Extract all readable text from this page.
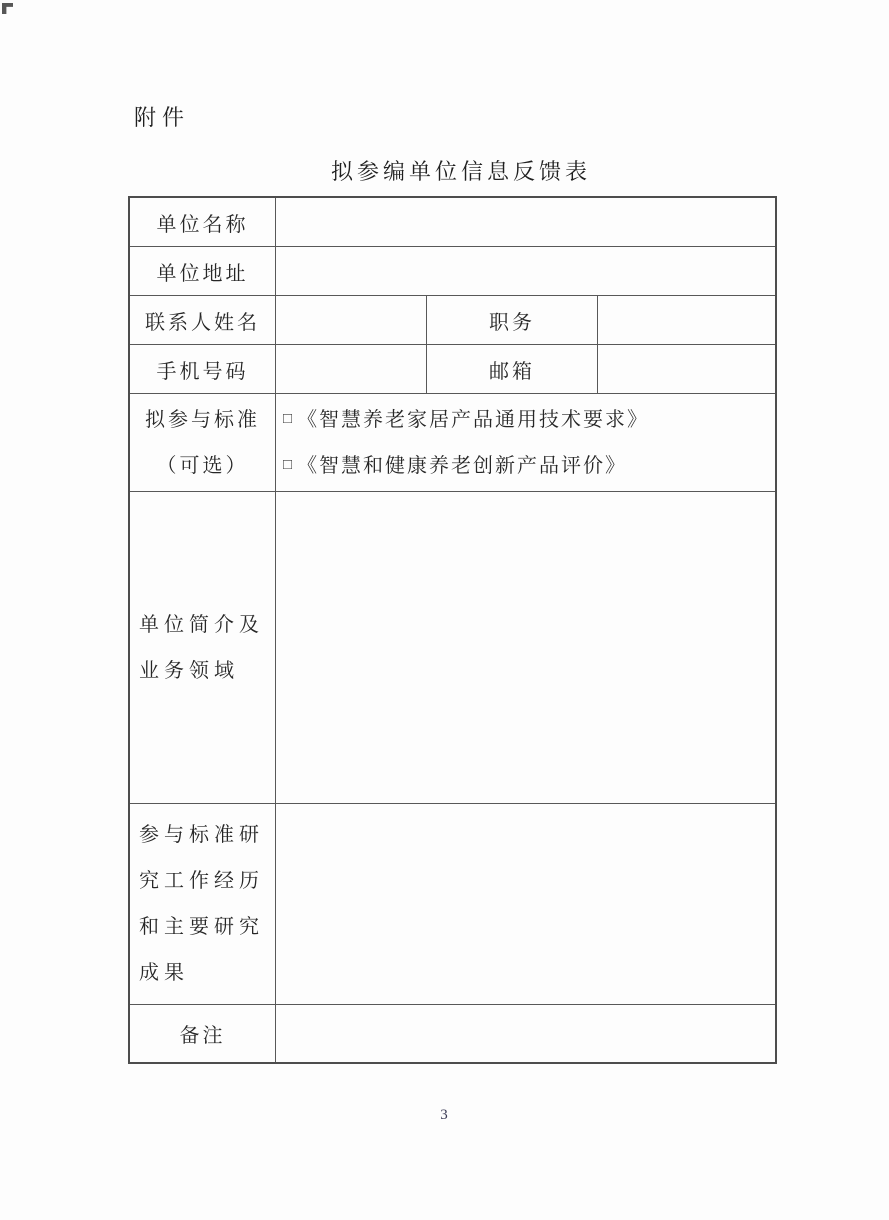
附件
拟参编单位信息反馈表
单位名称
单位地址
联系人姓名	职务
手机号码	邮箱
拟参与标准
（可选）
□ 《智慧养老家居产品通用技术要求》
□ 《智慧和健康养老创新产品评价》
单位简介及
业务领域
参与标准研
究工作经历
和主要研究
成果
备注
3
